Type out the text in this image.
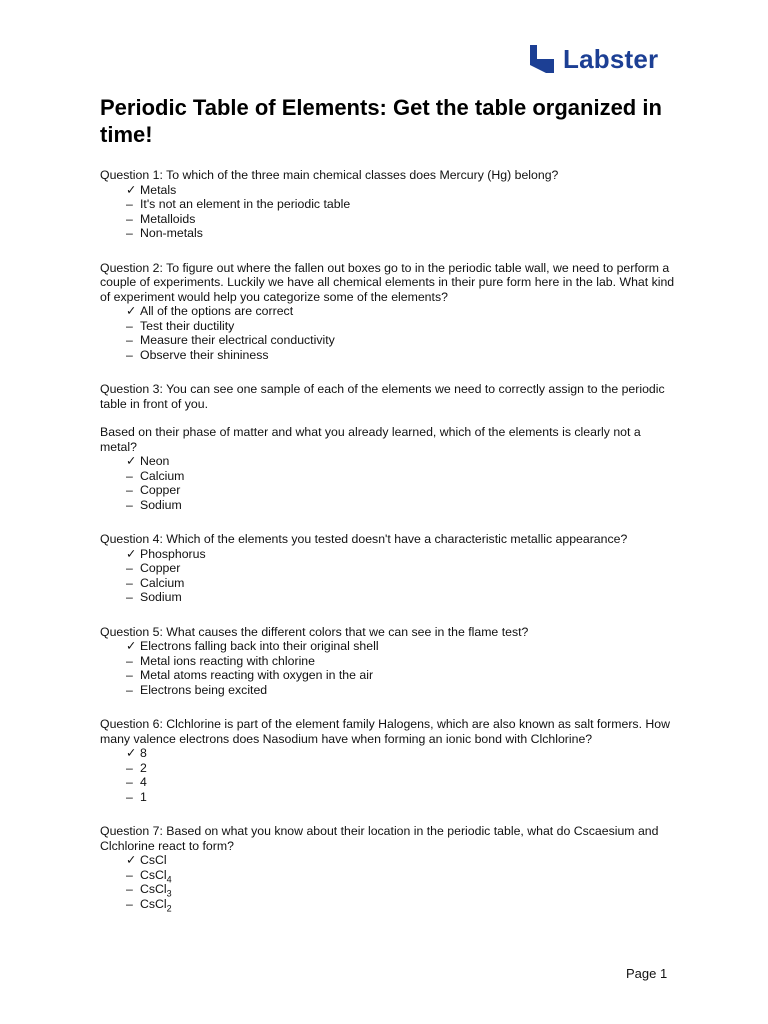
Labster
Periodic Table of Elements: Get the table organized in time!

Question 1: To which of the three main chemical classes does Mercury (Hg) belong?

✓ Metals
– It's not an element in the periodic table
– Metalloids
– Non-metals

Question 2: To figure out where the fallen out boxes go to in the periodic table wall, we need to perform a couple of experiments. Luckily we have all chemical elements in their pure form here in the lab. What kind of experiment would help you categorize some of the elements?

✓ All of the options are correct
– Test their ductility
– Measure their electrical conductivity
– Observe their shininess

Question 3: You can see one sample of each of the elements we need to correctly assign to the periodic table in front of you.

Based on their phase of matter and what you already learned, which of the elements is clearly not a metal?

✓ Neon
– Calcium
– Copper
– Sodium

Question 4: Which of the elements you tested doesn't have a characteristic metallic appearance?

✓ Phosphorus
– Copper
– Calcium
– Sodium

Question 5: What causes the different colors that we can see in the flame test?

✓ Electrons falling back into their original shell
– Metal ions reacting with chlorine
– Metal atoms reacting with oxygen in the air
– Electrons being excited

Question 6: Clchlorine is part of the element family Halogens, which are also known as salt formers. How many valence electrons does Nasodium have when forming an ionic bond with Clchlorine?

✓ 8
– 2
– 4
– 1

Question 7: Based on what you know about their location in the periodic table, what do Cscaesium and Clchlorine react to form?

✓ CsCl
– CsCl$_4$
– CsCl$_3$
– CsCl$_2$
Page 1
